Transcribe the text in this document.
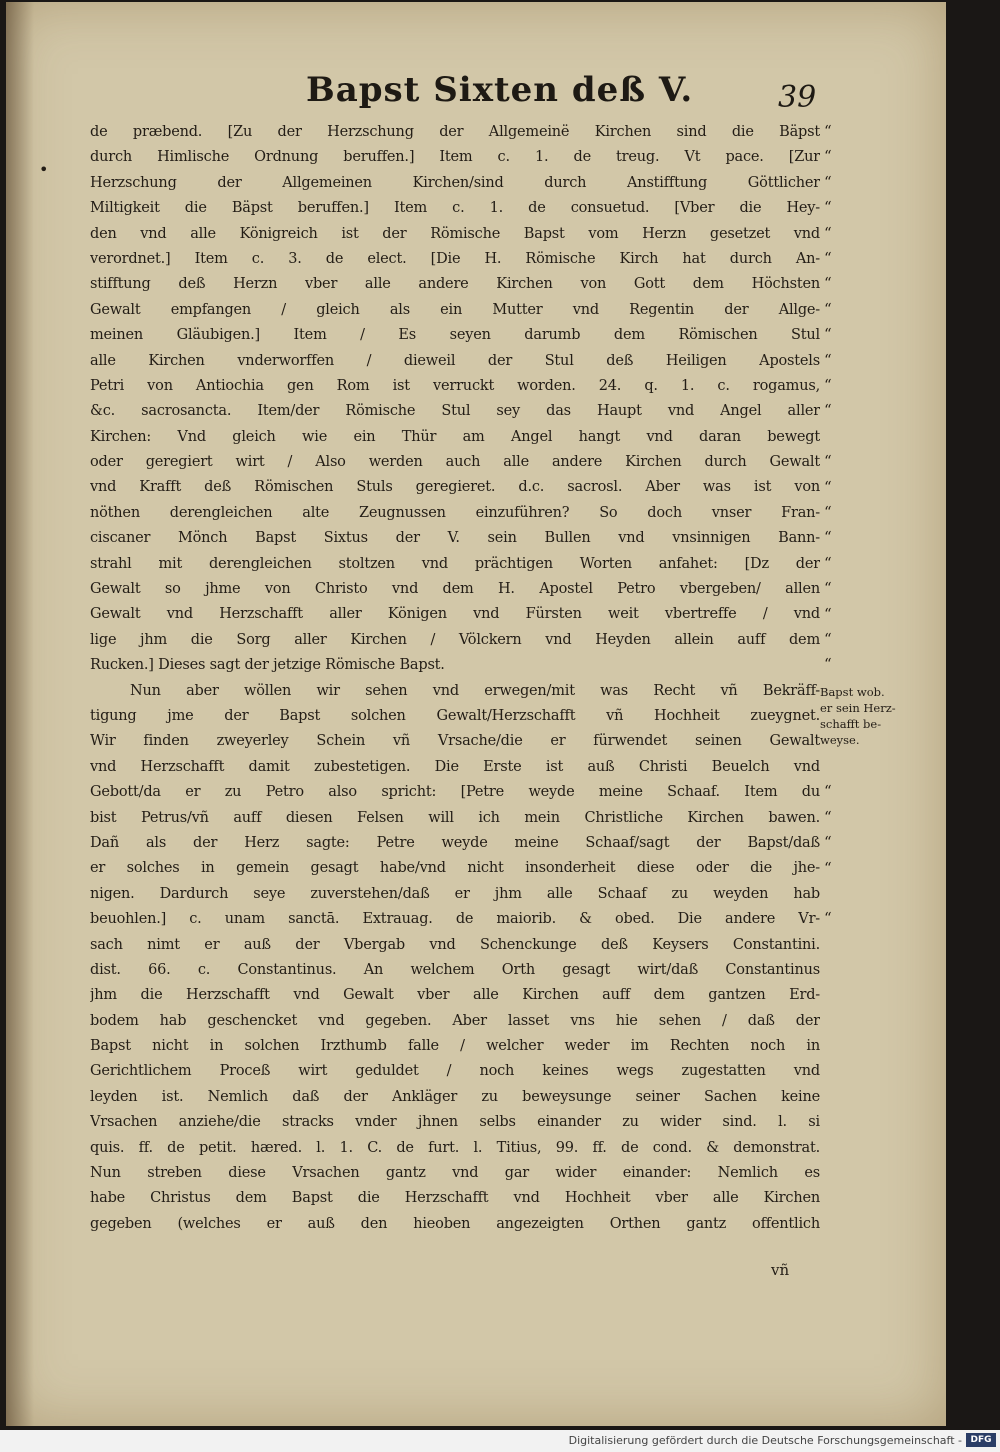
•
Bapst Sixten deß V.	39
de præbend. [Zu der Herzschung der Allgemeinë Kirchen sind die Bäpst
durch Himlische Ordnung beruffen.] Item c. 1. de treug. Vt pace. [Zur
Herzschung der Allgemeinen Kirchen/sind durch Anstifftung Göttlicher
Miltigkeit die Bäpst beruffen.] Item c. 1. de consuetud. [Vber die Hey-
den vnd alle Königreich ist der Römische Bapst vom Herzn gesetzet vnd
verordnet.] Item c. 3. de elect. [Die H. Römische Kirch hat durch An-
stifftung deß Herzn vber alle andere Kirchen von Gott dem Höchsten
Gewalt empfangen / gleich als ein Mutter vnd Regentin der Allge-
meinen Gläubigen.] Item / Es seyen darumb dem Römischen Stul
alle Kirchen vnderworffen / dieweil der Stul deß Heiligen Apostels
Petri von Antiochia gen Rom ist verruckt worden. 24. q. 1. c. rogamus,
&c. sacrosancta. Item/der Römische Stul sey das Haupt vnd Angel aller
Kirchen: Vnd gleich wie ein Thür am Angel hangt vnd daran bewegt
oder geregiert wirt / Also werden auch alle andere Kirchen durch Gewalt
vnd Krafft deß Römischen Stuls geregieret. d.c. sacrosl. Aber was ist von
nöthen derengleichen alte Zeugnussen einzuführen? So doch vnser Fran-
ciscaner Mönch Bapst Sixtus der V. sein Bullen vnd vnsinnigen Bann-
strahl mit derengleichen stoltzen vnd prächtigen Worten anfahet: [Dz der
Gewalt so jhme von Christo vnd dem H. Apostel Petro vbergeben/ allen
Gewalt vnd Herzschafft aller Königen vnd Fürsten weit vbertreffe / vnd
lige jhm die Sorg aller Kirchen / Völckern vnd Heyden allein auff dem
Rucken.] Dieses sagt der jetzige Römische Bapst.
Nun aber wöllen wir sehen vnd erwegen/mit was Recht vñ Bekräff-
tigung jme der Bapst solchen Gewalt/Herzschafft vñ Hochheit zueygnet.
Wir finden zweyerley Schein vñ Vrsache/die er fürwendet seinen Gewalt
vnd Herzschafft damit zubestetigen. Die Erste ist auß Christi Beuelch vnd
Gebott/da er zu Petro also spricht: [Petre weyde meine Schaaf. Item du
bist Petrus/vñ auff diesen Felsen will ich mein Christliche Kirchen bawen.
Dañ als der Herz sagte: Petre weyde meine Schaaf/sagt der Bapst/daß
er solches in gemein gesagt habe/vnd nicht insonderheit diese oder die jhe-
nigen. Dardurch seye zuverstehen/daß er jhm alle Schaaf zu weyden hab
beuohlen.] c. unam sanctā. Extrauag. de maiorib. & obed. Die andere Vr-
sach nimt er auß der Vbergab vnd Schenckunge deß Keysers Constantini.
dist. 66. c. Constantinus. An welchem Orth gesagt wirt/daß Constantinus
jhm die Herzschafft vnd Gewalt vber alle Kirchen auff dem gantzen Erd-
bodem hab geschencket vnd gegeben. Aber lasset vns hie sehen / daß der
Bapst nicht in solchen Irzthumb falle / welcher weder im Rechten noch in
Gerichtlichem Proceß wirt geduldet / noch keines wegs zugestatten vnd
leyden ist. Nemlich daß der Ankläger zu beweysunge seiner Sachen keine
Vrsachen anziehe/die stracks vnder jhnen selbs einander zu wider sind. l. si
quis. ff. de petit. hæred. l. 1. C. de furt. l. Titius, 99. ff. de cond. & demonstrat.
Nun streben diese Vrsachen gantz vnd gar wider einander: Nemlich es
habe Christus dem Bapst die Herzschafft vnd Hochheit vber alle Kirchen
gegeben (welches er auß den hieoben angezeigten Orthen gantz offentlich
“
“
“
“
“
“
“
“
“
“
“
“
“
“
“
“
“
“
“
“
“
“
“
“
“
“
Bapst wob.
er sein Herz-
schafft be-
weyse.
vñ
Digitalisierung gefördert durch die Deutsche Forschungsgemeinschaft - DFG
